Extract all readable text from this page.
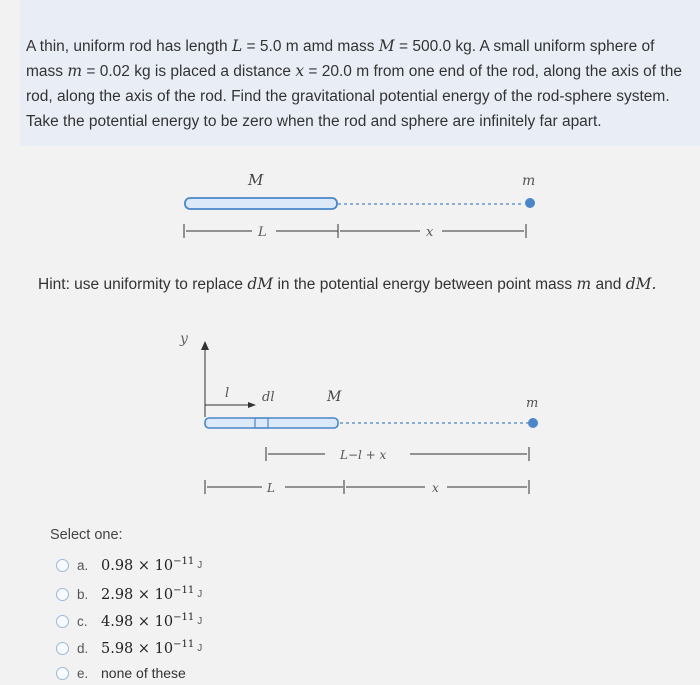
A thin, uniform rod has length L = 5.0 m amd mass M = 500.0 kg. A small uniform sphere of
mass m = 0.02 kg is placed a distance x = 20.0 m from one end of the rod, along the axis of the
rod, along the axis of the rod. Find the gravitational potential energy of the rod-sphere system.
Take the potential energy to be zero when the rod and sphere are infinitely far apart.
M	m
L	x
Hint: use uniformity to replace dM in the potential energy between point mass m and dM.
y
l	dl	M	m
L−l + x
L	x
Select one:
a. $0.98 \times 10^{-11}$ J
b. $2.98 \times 10^{-11}$ J
c. $4.98 \times 10^{-11}$ J
d. $5.98 \times 10^{-11}$ J
e. none of these
